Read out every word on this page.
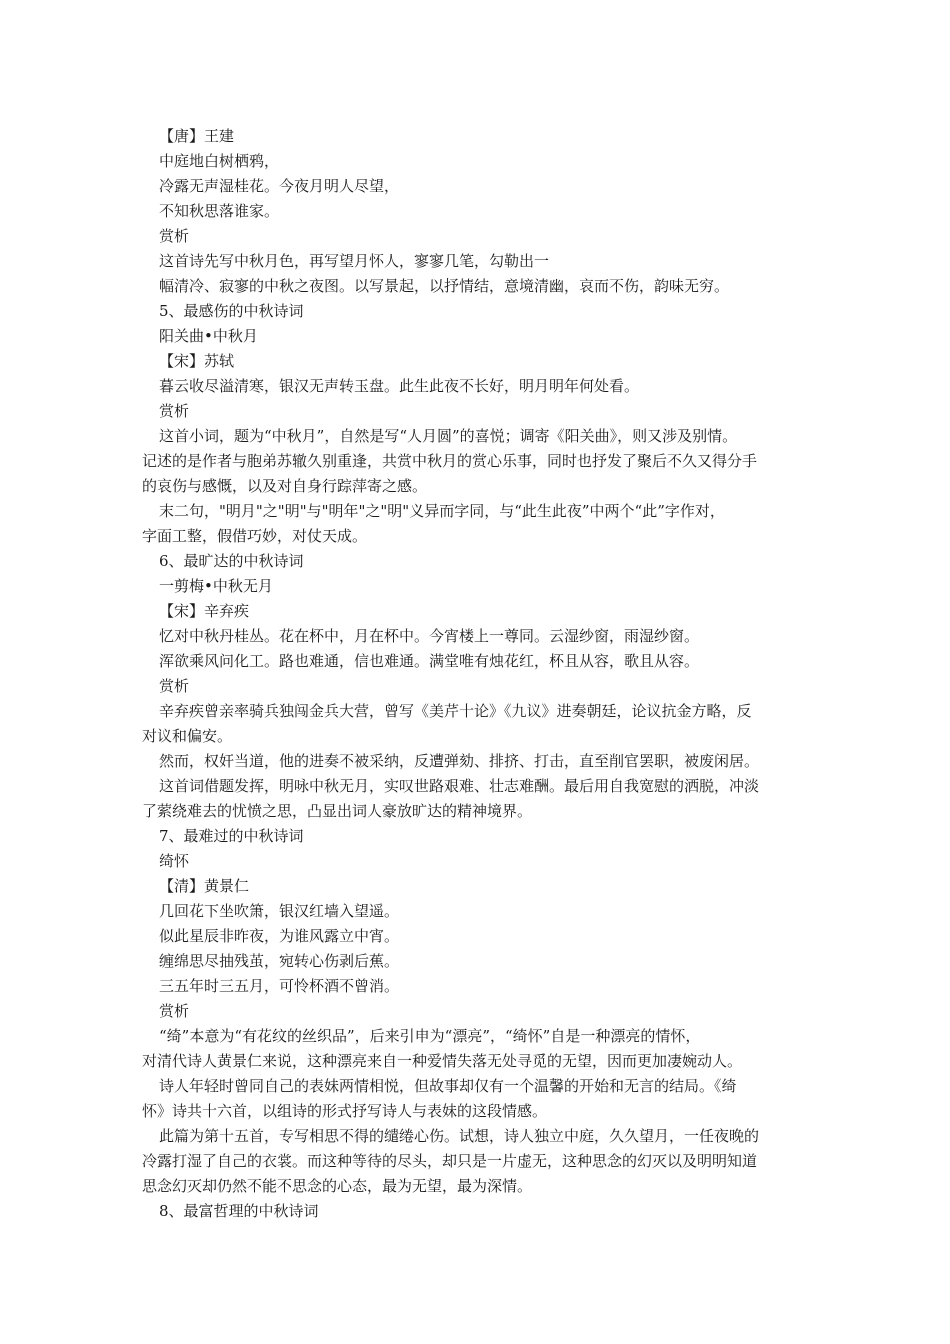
【唐】王建
中庭地白树栖鸦，
冷露无声湿桂花。今夜月明人尽望，
不知秋思落谁家。
赏析
这首诗先写中秋月色，再写望月怀人，寥寥几笔，勾勒出一
幅清冷、寂寥的中秋之夜图。以写景起，以抒情结，意境清幽，哀而不伤，韵味无穷。
5、最感伤的中秋诗词
阳关曲•中秋月
【宋】苏轼
暮云收尽溢清寒，银汉无声转玉盘。此生此夜不长好，明月明年何处看。
赏析
这首小词，题为“中秋月”，自然是写“人月圆”的喜悦；调寄《阳关曲》，则又涉及别情。
记述的是作者与胞弟苏辙久别重逢，共赏中秋月的赏心乐事，同时也抒发了聚后不久又得分手
的哀伤与感慨，以及对自身行踪萍寄之感。
末二句，"明月"之"明"与"明年"之"明"义异而字同，与“此生此夜”中两个“此”字作对，
字面工整，假借巧妙，对仗天成。
6、最旷达的中秋诗词
一剪梅•中秋无月
【宋】辛弃疾
忆对中秋丹桂丛。花在杯中，月在杯中。今宵楼上一尊同。云湿纱窗，雨湿纱窗。
浑欲乘风问化工。路也难通，信也难通。满堂唯有烛花红，杯且从容，歌且从容。
赏析
辛弃疾曾亲率骑兵独闯金兵大营，曾写《美芹十论》《九议》进奏朝廷，论议抗金方略，反
对议和偏安。
然而，权奸当道，他的进奏不被采纳，反遭弹劾、排挤、打击，直至削官罢职，被废闲居。
这首词借题发挥，明咏中秋无月，实叹世路艰难、壮志难酬。最后用自我宽慰的洒脱，冲淡
了萦绕难去的忧愤之思，凸显出词人豪放旷达的精神境界。
7、最难过的中秋诗词
绮怀
【清】黄景仁
几回花下坐吹箫，银汉红墙入望遥。
似此星辰非昨夜，为谁风露立中宵。
缠绵思尽抽残茧，宛转心伤剥后蕉。
三五年时三五月，可怜杯酒不曾消。
赏析
“绮”本意为“有花纹的丝织品”，后来引申为“漂亮”，“绮怀”自是一种漂亮的情怀，
对清代诗人黄景仁来说，这种漂亮来自一种爱情失落无处寻觅的无望，因而更加凄婉动人。
诗人年轻时曾同自己的表妹两情相悦，但故事却仅有一个温馨的开始和无言的结局。《绮
怀》诗共十六首，以组诗的形式抒写诗人与表妹的这段情感。
此篇为第十五首，专写相思不得的缱绻心伤。试想，诗人独立中庭，久久望月，一任夜晚的
冷露打湿了自己的衣裳。而这种等待的尽头，却只是一片虚无，这种思念的幻灭以及明明知道
思念幻灭却仍然不能不思念的心态，最为无望，最为深情。
8、最富哲理的中秋诗词
